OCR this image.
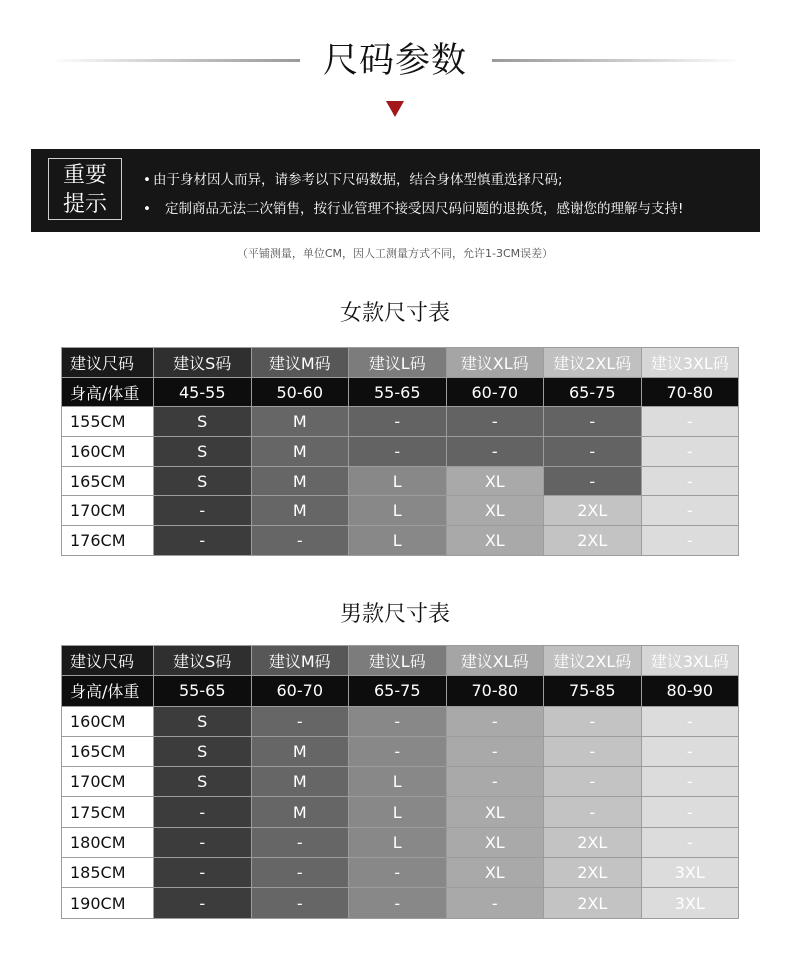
尺码参数
重要
提示
• 由于身材因人而异，请参考以下尺码数据，结合身体型慎重选择尺码;
• 定制商品无法二次销售，按行业管理不接受因尺码问题的退换货，感谢您的理解与支持!
（平铺测量，单位CM，因人工测量方式不同，允许1-3CM误差）
女款尺寸表
建议尺码	建议S码	建议M码	建议L码	建议XL码	建议2XL码	建议3XL码
身高/体重	45-55	50-60	55-65	60-70	65-75	70-80
155CM	S	M	-	-	-	-
160CM	S	M	-	-	-	-
165CM	S	M	L	XL	-	-
170CM	-	M	L	XL	2XL	-
176CM	-	-	L	XL	2XL	-
男款尺寸表
建议尺码	建议S码	建议M码	建议L码	建议XL码	建议2XL码	建议3XL码
身高/体重	55-65	60-70	65-75	70-80	75-85	80-90
160CM	S	-	-	-	-	-
165CM	S	M	-	-	-	-
170CM	S	M	L	-	-	-
175CM	-	M	L	XL	-	-
180CM	-	-	L	XL	2XL	-
185CM	-	-	-	XL	2XL	3XL
190CM	-	-	-	-	2XL	3XL
